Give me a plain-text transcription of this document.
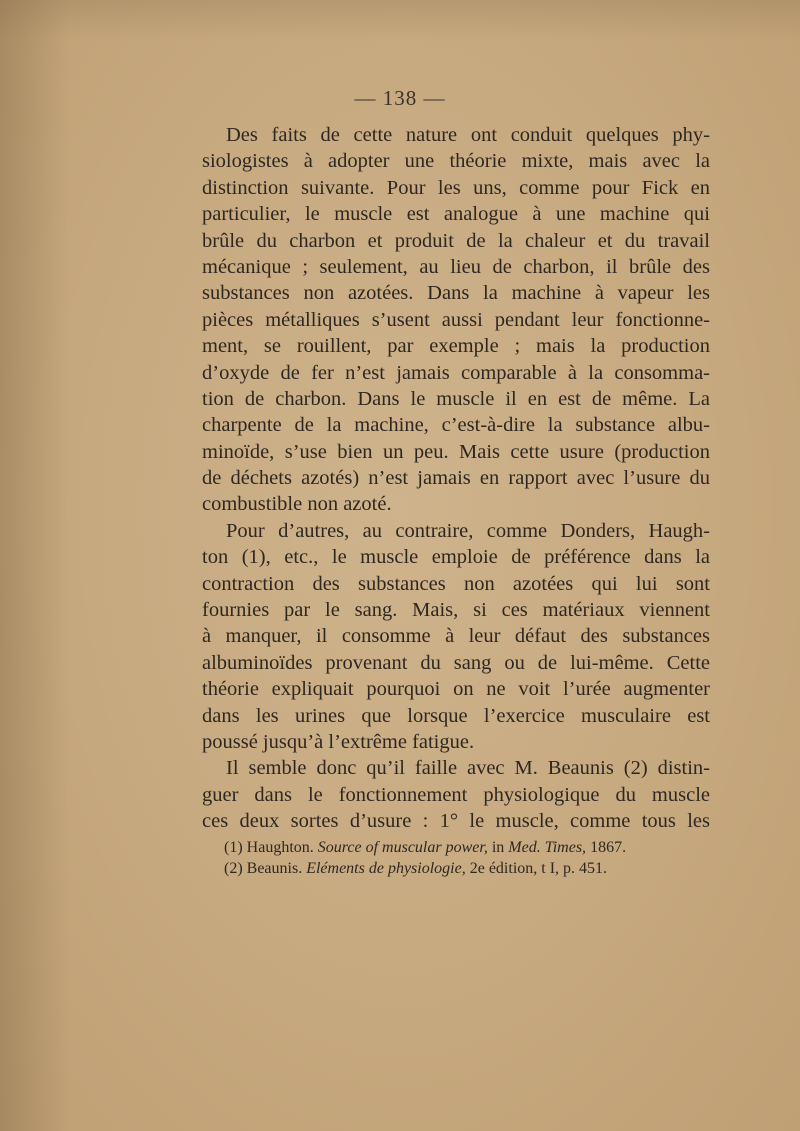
— 138 —
Des faits de cette nature ont conduit quelques phy-
siologistes à adopter une théorie mixte, mais avec la
distinction suivante. Pour les uns, comme pour Fick en
particulier, le muscle est analogue à une machine qui
brûle du charbon et produit de la chaleur et du travail
mécanique ; seulement, au lieu de charbon, il brûle des
substances non azotées. Dans la machine à vapeur les
pièces métalliques s’usent aussi pendant leur fonctionne-
ment, se rouillent, par exemple ; mais la production
d’oxyde de fer n’est jamais comparable à la consomma-
tion de charbon. Dans le muscle il en est de même. La
charpente de la machine, c’est-à-dire la substance albu-
minoïde, s’use bien un peu. Mais cette usure (production
de déchets azotés) n’est jamais en rapport avec l’usure du
combustible non azoté.
Pour d’autres, au contraire, comme Donders, Haugh-
ton (1), etc., le muscle emploie de préférence dans la
contraction des substances non azotées qui lui sont
fournies par le sang. Mais, si ces matériaux viennent
à manquer, il consomme à leur défaut des substances
albuminoïdes provenant du sang ou de lui-même. Cette
théorie expliquait pourquoi on ne voit l’urée augmenter
dans les urines que lorsque l’exercice musculaire est
poussé jusqu’à l’extrême fatigue.
Il semble donc qu’il faille avec M. Beaunis (2) distin-
guer dans le fonctionnement physiologique du muscle
ces deux sortes d’usure : 1° le muscle, comme tous les
(1) Haughton. Source of muscular power, in Med. Times, 1867.
(2) Beaunis. Eléments de physiologie, 2e édition, t I, p. 451.
